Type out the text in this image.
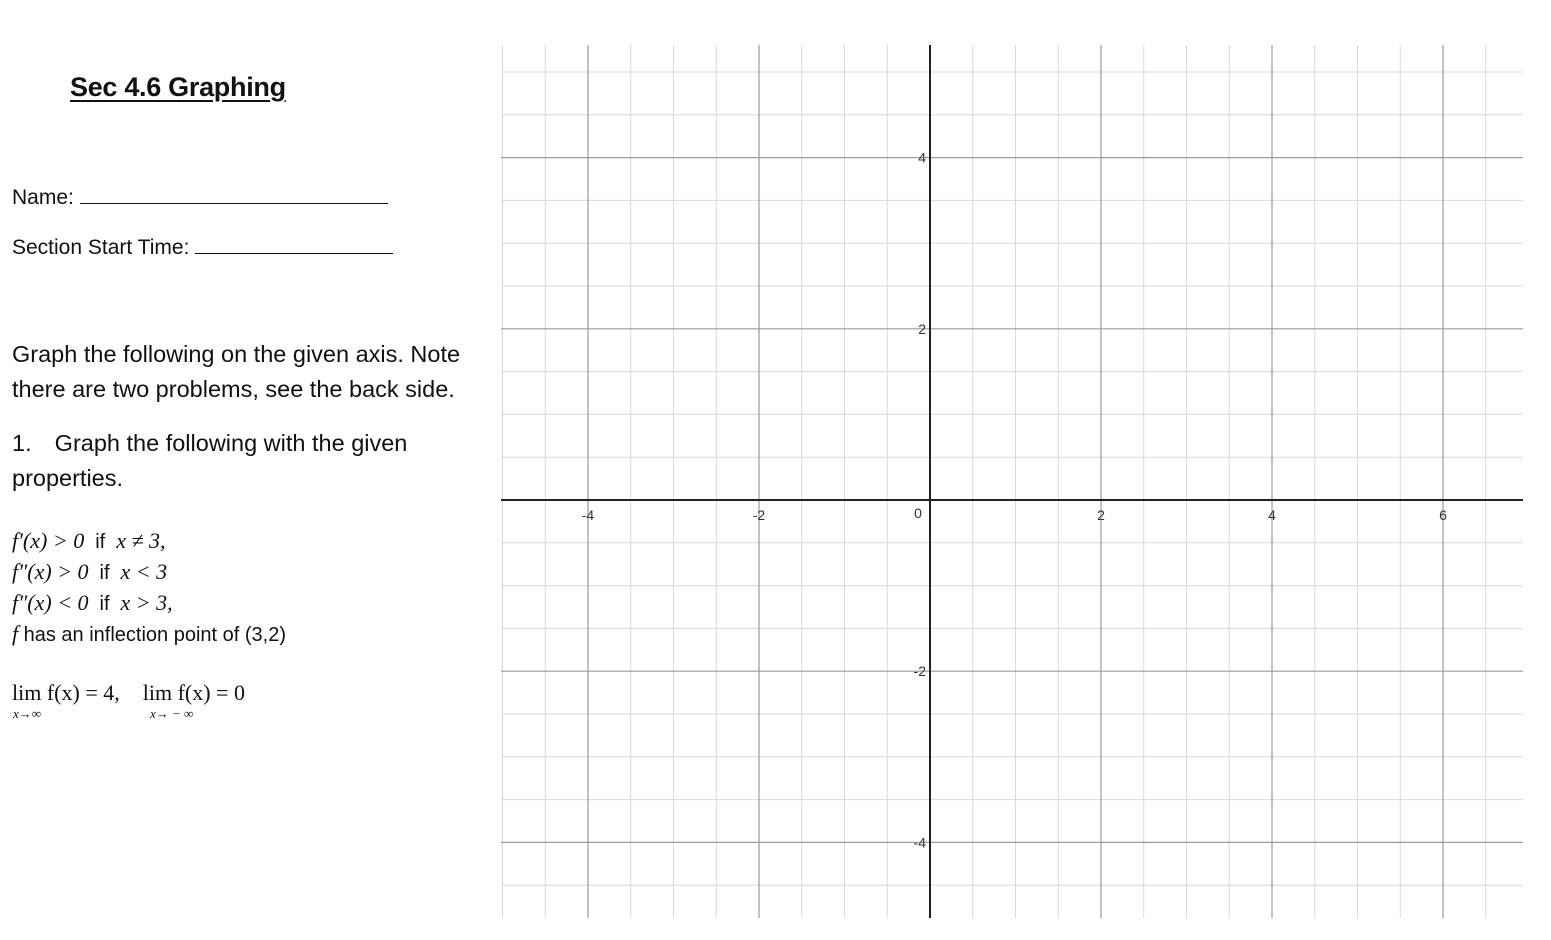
Sec 4.6 Graphing
Name:
Section Start Time:
Graph the following on the given axis. Note
there are two problems, see the back side.
1. Graph the following with the given
properties.
f′(x) > 0 if x ≠ 3,
f″(x) > 0 if x < 3
f″(x) < 0 if x > 3,
f has an inflection point of (3,2)
lim f(x) = 4, lim f(x) = 0
x→∞	x→ − ∞
-4	-2	0	2	4	6
4
2
-2
-4
